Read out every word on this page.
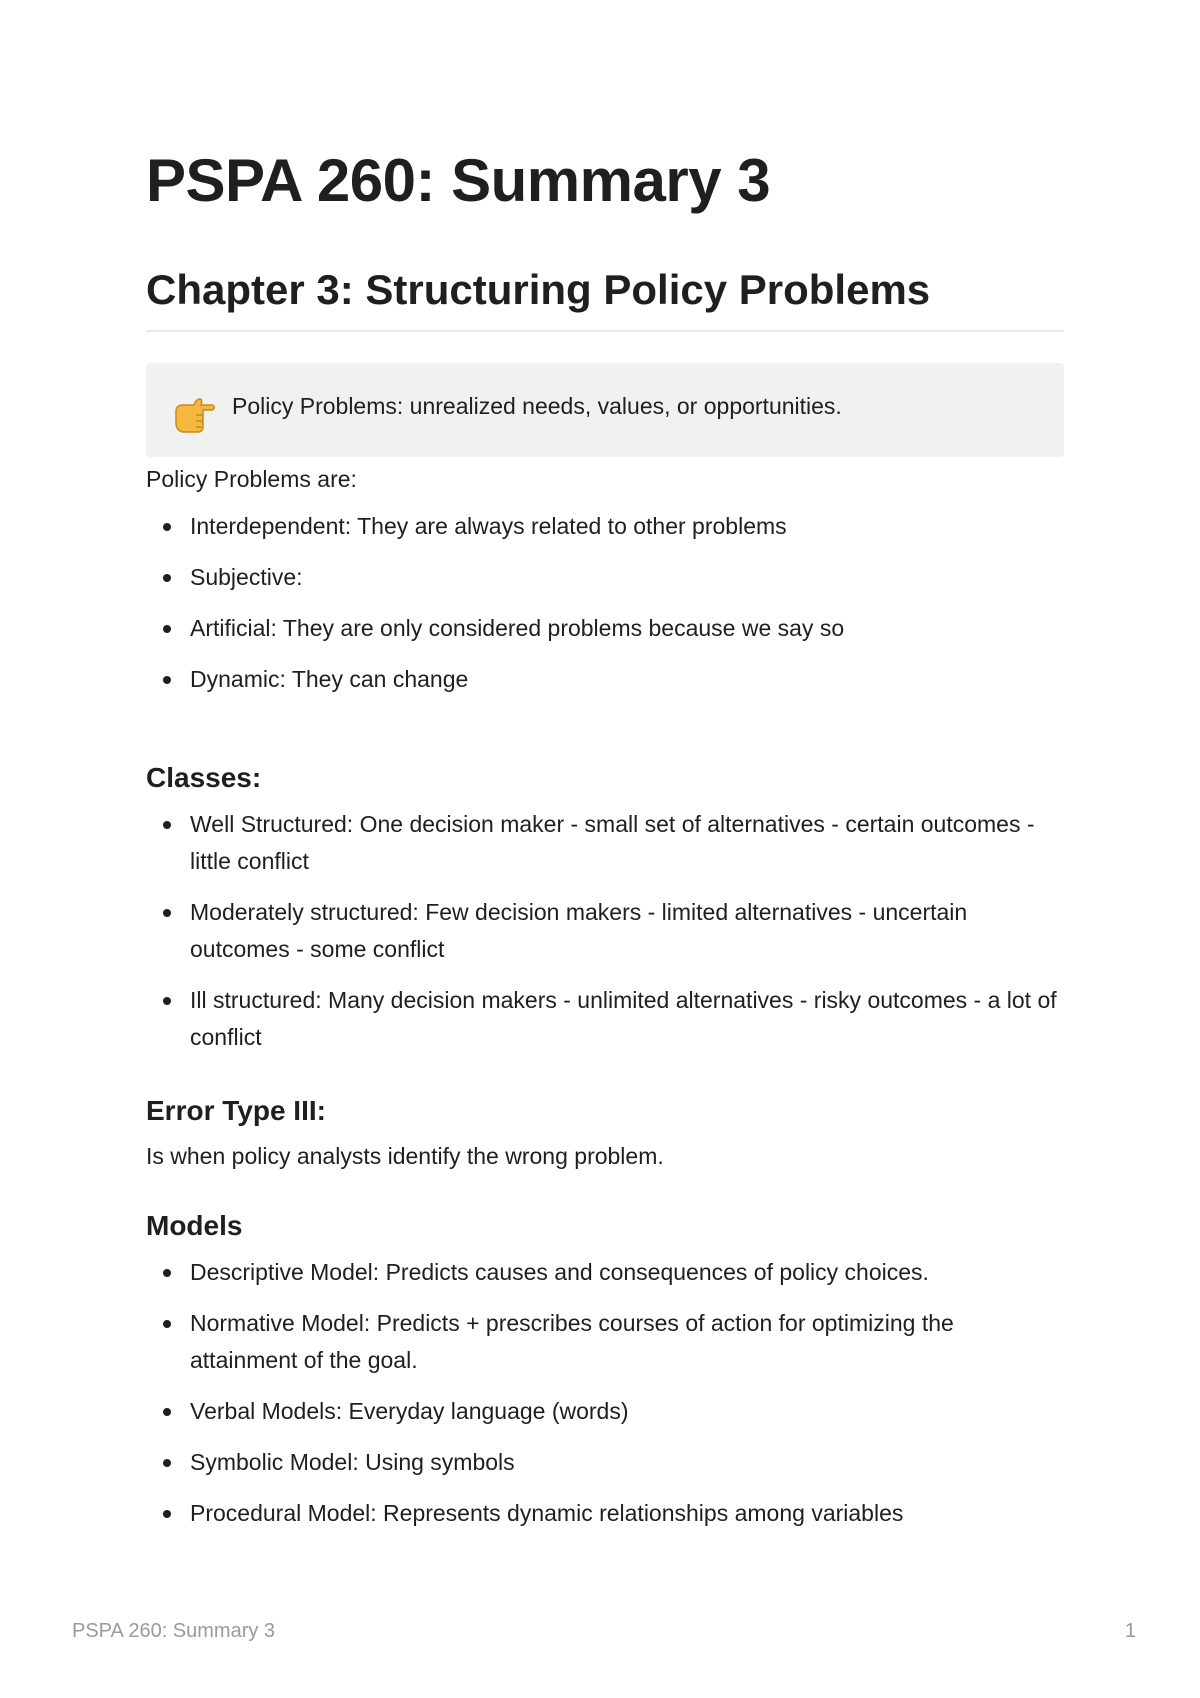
PSPA 260: Summary 3
Chapter 3: Structuring Policy Problems
Policy Problems: unrealized needs, values, or opportunities.

Policy Problems are:

Interdependent: They are always related to other problems
Subjective:
Artificial: They are only considered problems because we say so
Dynamic: They can change
Classes:
Well Structured: One decision maker - small set of alternatives - certain outcomes - little conflict
Moderately structured: Few decision makers - limited alternatives - uncertain outcomes - some conflict
Ill structured: Many decision makers - unlimited alternatives - risky outcomes - a lot of conflict
Error Type III:

Is when policy analysts identify the wrong problem.

Models
Descriptive Model: Predicts causes and consequences of policy choices.
Normative Model: Predicts + prescribes courses of action for optimizing the attainment of the goal.
Verbal Models: Everyday language (words)
Symbolic Model: Using symbols
Procedural Model: Represents dynamic relationships among variables
PSPA 260: Summary 3	1
